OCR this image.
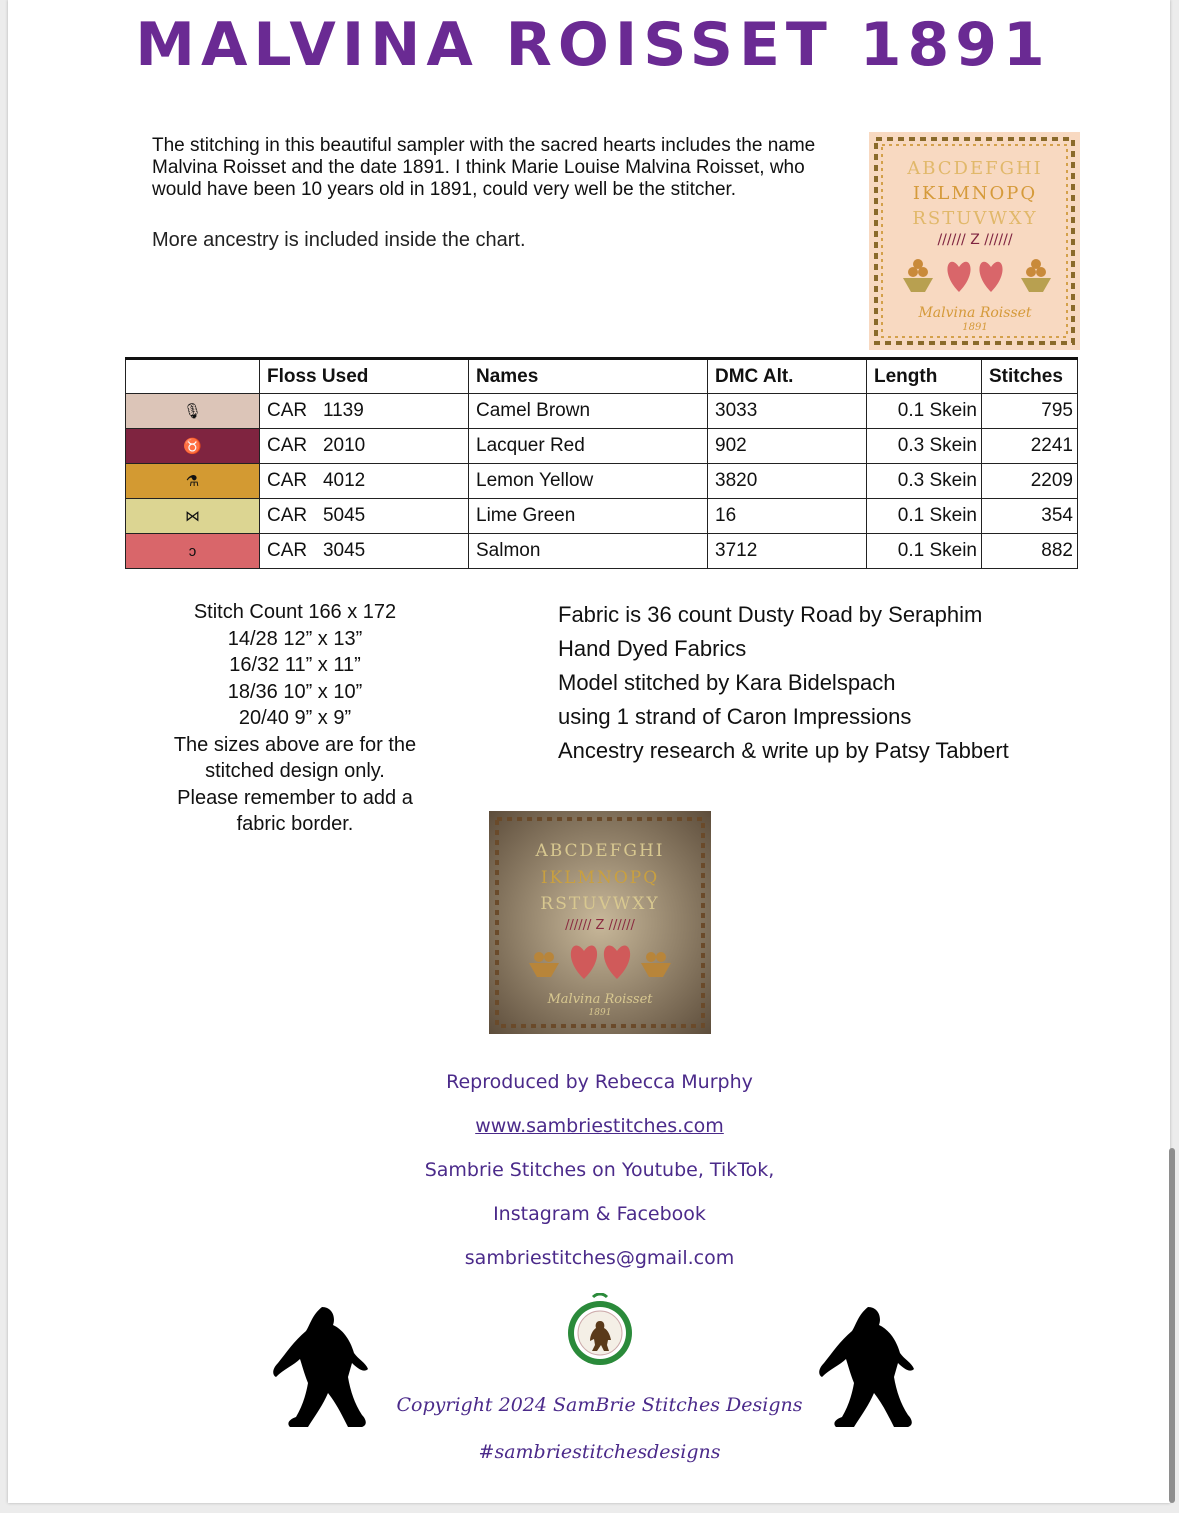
MALVINA ROISSET 1891
The stitching in this beautiful sampler with the sacred hearts includes the name Malvina Roisset and the date 1891. I think Marie Louise Malvina Roisset, who would have been 10 years old in 1891, could very well be the stitcher.
More ancestry is included inside the chart.
ABCDEFGHI
IKLMNOPQ
RSTUVWXY
////// Z //////
Malvina Roisset
1891
	Floss Used	Names	DMC Alt.	Length	Stitches
🎙	CAR   1139	Camel Brown	3033	0.1 Skein	795
♉	CAR   2010	Lacquer Red	902	0.3 Skein	2241
⚗	CAR   4012	Lemon Yellow	3820	0.3 Skein	2209
⋈	CAR   5045	Lime Green	16	0.1 Skein	354
ↄ	CAR   3045	Salmon	3712	0.1 Skein	882
Stitch Count 166 x 172
14/28 12” x 13”
16/32 11” x 11”
18/36 10” x 10”
20/40 9” x 9”
The sizes above are for the
stitched design only.
Please remember to add a
fabric border.
Fabric is 36 count Dusty Road by Seraphim
Hand Dyed Fabrics
Model stitched by Kara Bidelspach
using 1 strand of Caron Impressions
Ancestry research & write up by Patsy Tabbert
ABCDEFGHI
IKLMNOPQ
RSTUVWXY
////// Z //////
Malvina Roisset
1891
Reproduced by Rebecca Murphy
www.sambriestitches.com
Sambrie Stitches on Youtube, TikTok,
Instagram & Facebook
sambriestitches@gmail.com
Copyright 2024 SamBrie Stitches Designs
#sambriestitchesdesigns
